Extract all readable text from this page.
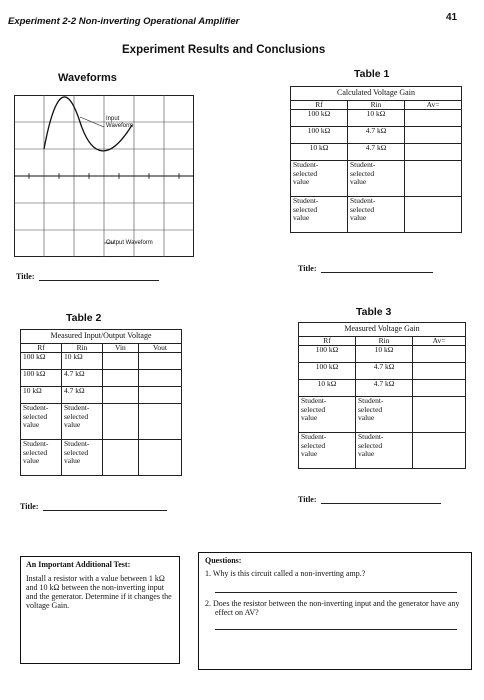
Experiment 2-2 Non-inverting Operational Amplifier	41
Experiment Results and Conclusions
Waveforms
Input
Waveform
Output Waveform
Title:
Table 1
Calculated Voltage Gain		
Rf	Rin	Av=
100 kΩ	10 kΩ	
100 kΩ	4.7 kΩ	
10 kΩ	4.7 kΩ	
Student-
selected
value	Student-
selected
value	
Student-
selected
value	Student-
selected
value	
Title:
Table 2
Measured Input/Output Voltage			
Rf	Rin	Vin	Vout
100 kΩ	10 kΩ		
100 kΩ	4.7 kΩ		
10 kΩ	4.7 kΩ		
Student-
selected
value	Student-
selected
value		
Student-
selected
value	Student-
selected
value		
Title:
Table 3
Measured Voltage Gain		
Rf	Rin	Av=
100 kΩ	10 kΩ	
100 kΩ	4.7 kΩ	
10 kΩ	4.7 kΩ	
Student-
selected
value	Student-
selected
value	
Student-
selected
value	Student-
selected
value	
Title:
An Important Additional Test:
Install a resistor with a value between 1 kΩ and 10 kΩ between the non-inverting input and the generator. Determine if it changes the voltage Gain.
Questions:
1. Why is this circuit called a non-inverting amp.?
2. Does the resistor between the non-inverting input and the generator have any effect on AV?
